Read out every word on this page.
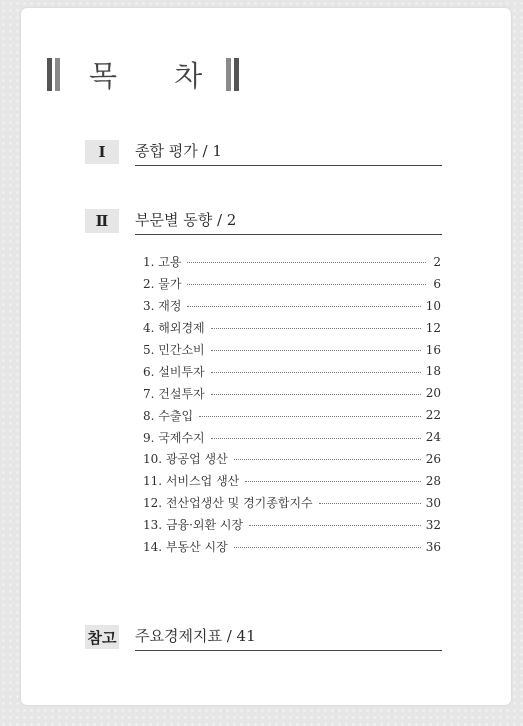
목 차
Ⅰ	종합 평가 / 1
Ⅱ	부문별 동향 / 2
1. 고용	2
2. 물가	6
3. 재정	10
4. 해외경제	12
5. 민간소비	16
6. 설비투자	18
7. 건설투자	20
8. 수출입	22
9. 국제수지	24
10. 광공업 생산	26
11. 서비스업 생산	28
12. 전산업생산 및 경기종합지수	30
13. 금융·외환 시장	32
14. 부동산 시장	36
참고 주요경제지표 / 41
